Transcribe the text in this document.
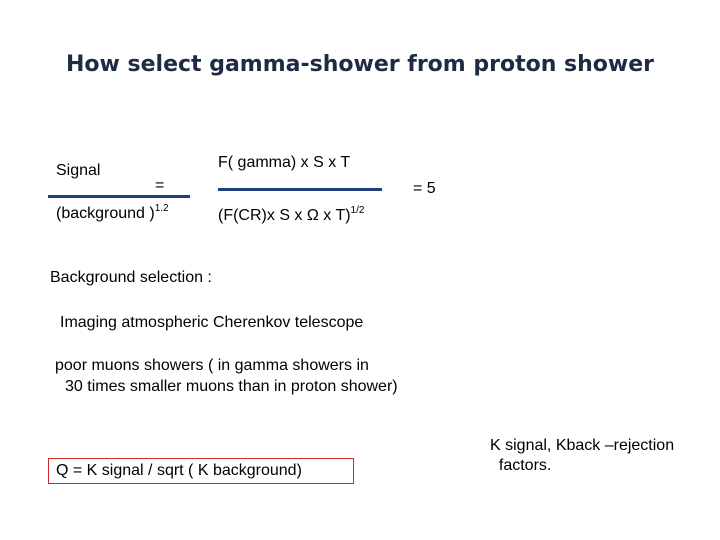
How select gamma-shower from proton shower
Signal
=
(background )$^{1.2}$
F( gamma) x S x T
(F(CR)x S x Ω x T)$^{1/2}$
= 5
Background selection :
Imaging atmospheric Cherenkov telescope
poor muons showers ( in gamma showers in
30 times smaller muons than in proton shower)
Q = K signal / sqrt ( K background)
K signal, Kback –rejection
factors.
